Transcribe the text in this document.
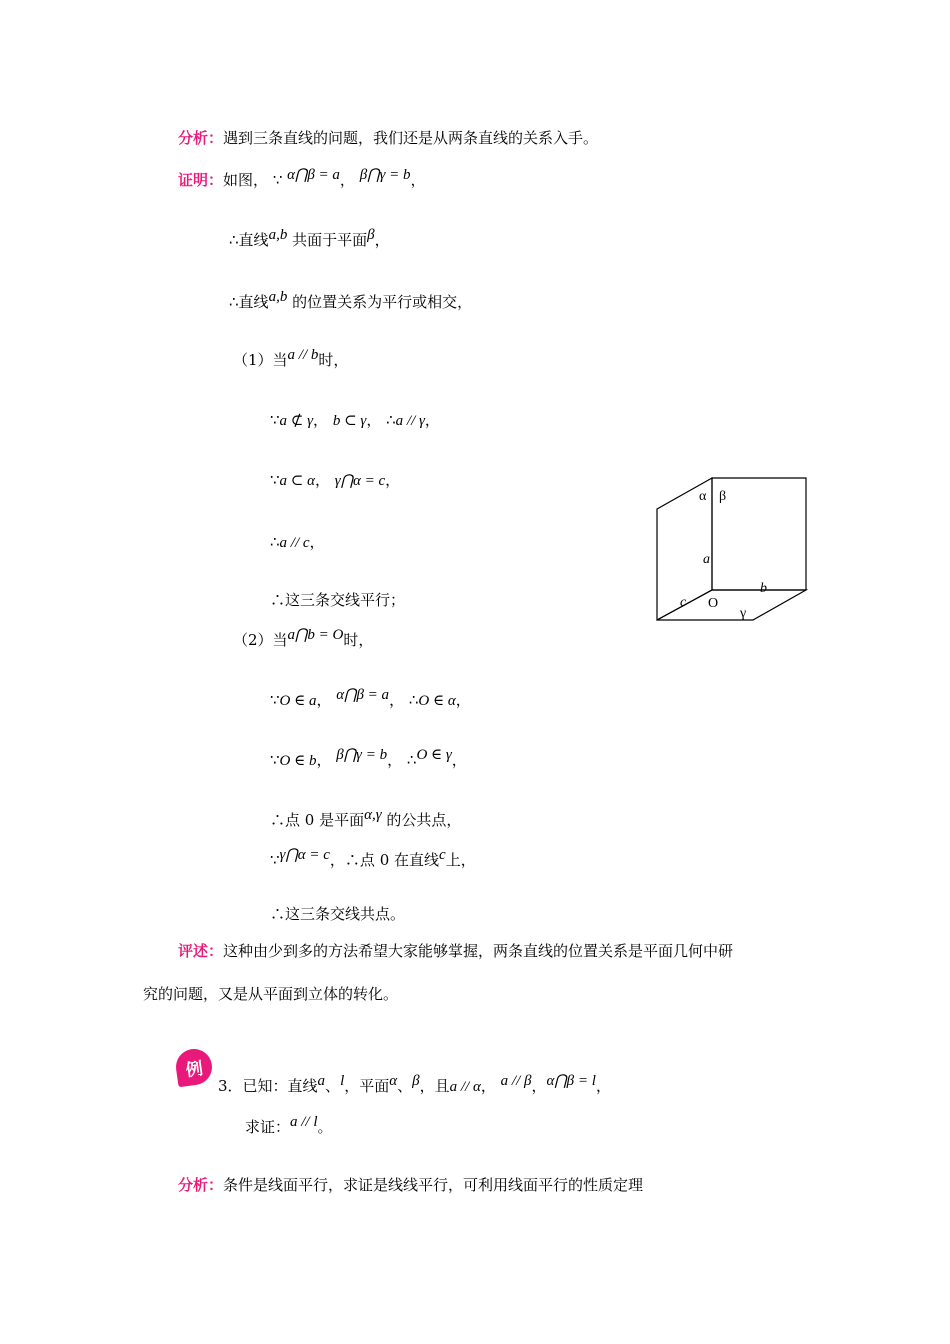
分析：遇到三条直线的问题，我们还是从两条直线的关系入手。
证明：如图， ∵ α⋂β = a， β⋂γ = b，
∴直线a,b 共面于平面β，
∴直线a,b 的位置关系为平行或相交，
（1）当a // b时，
∵a ⊄ γ， b ⊂ γ， ∴a // γ，
∵a ⊂ α， γ⋂α = c，
∴a // c，
∴这三条交线平行；
（2）当a⋂b = O时，
∵O ∈ a， α⋂β = a， ∴O ∈ α，
∵O ∈ b， β⋂γ = b， ∴O ∈ γ，
∴点 0 是平面α,γ 的公共点，
∵γ⋂α = c，∴点 0 在直线c上，
∴这三条交线共点。
评述：这种由少到多的方法希望大家能够掌握，两条直线的位置关系是平面几何中研
究的问题，又是从平面到立体的转化。
例
3．已知：直线a、l，平面α、β，且a // α， a // β，α⋂β = l，
求证：a // l。
分析：条件是线面平行，求证是线线平行，可利用线面平行的性质定理
α β
a
b
c O
γ
